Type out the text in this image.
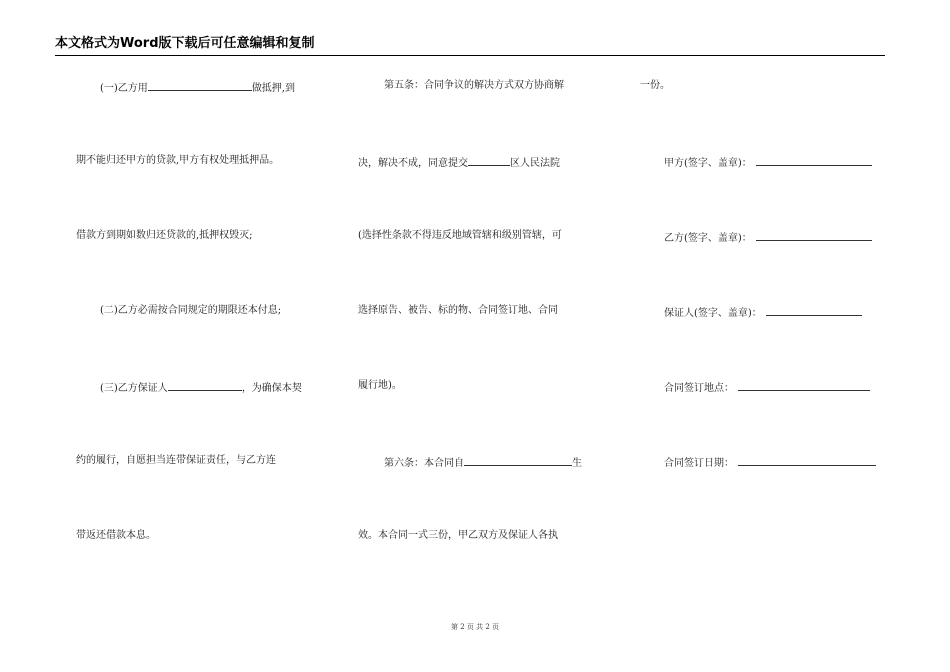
本文格式为Word版下载后可任意编辑和复制
(一)乙方用	做抵押,到
期不能归还甲方的贷款,甲方有权处理抵押品。
借款方到期如数归还贷款的,抵押权毁灭;
(二)乙方必需按合同规定的期限还本付息;
(三)乙方保证人	，为确保本契
约的履行，自愿担当连带保证责任，与乙方连
带返还借款本息。
第五条：合同争议的解决方式双方协商解
决，解决不成，同意提交	区人民法院
(选择性条款不得违反地域管辖和级别管辖，可
选择原告、被告、标的物、合同签订地、合同
履行地)。
第六条：本合同自	生
效。本合同一式三份，甲乙双方及保证人各执
一份。
甲方(签字、盖章)：
乙方(签字、盖章)：
保证人(签字、盖章)：
合同签订地点：
合同签订日期：
第 2 页 共 2 页
